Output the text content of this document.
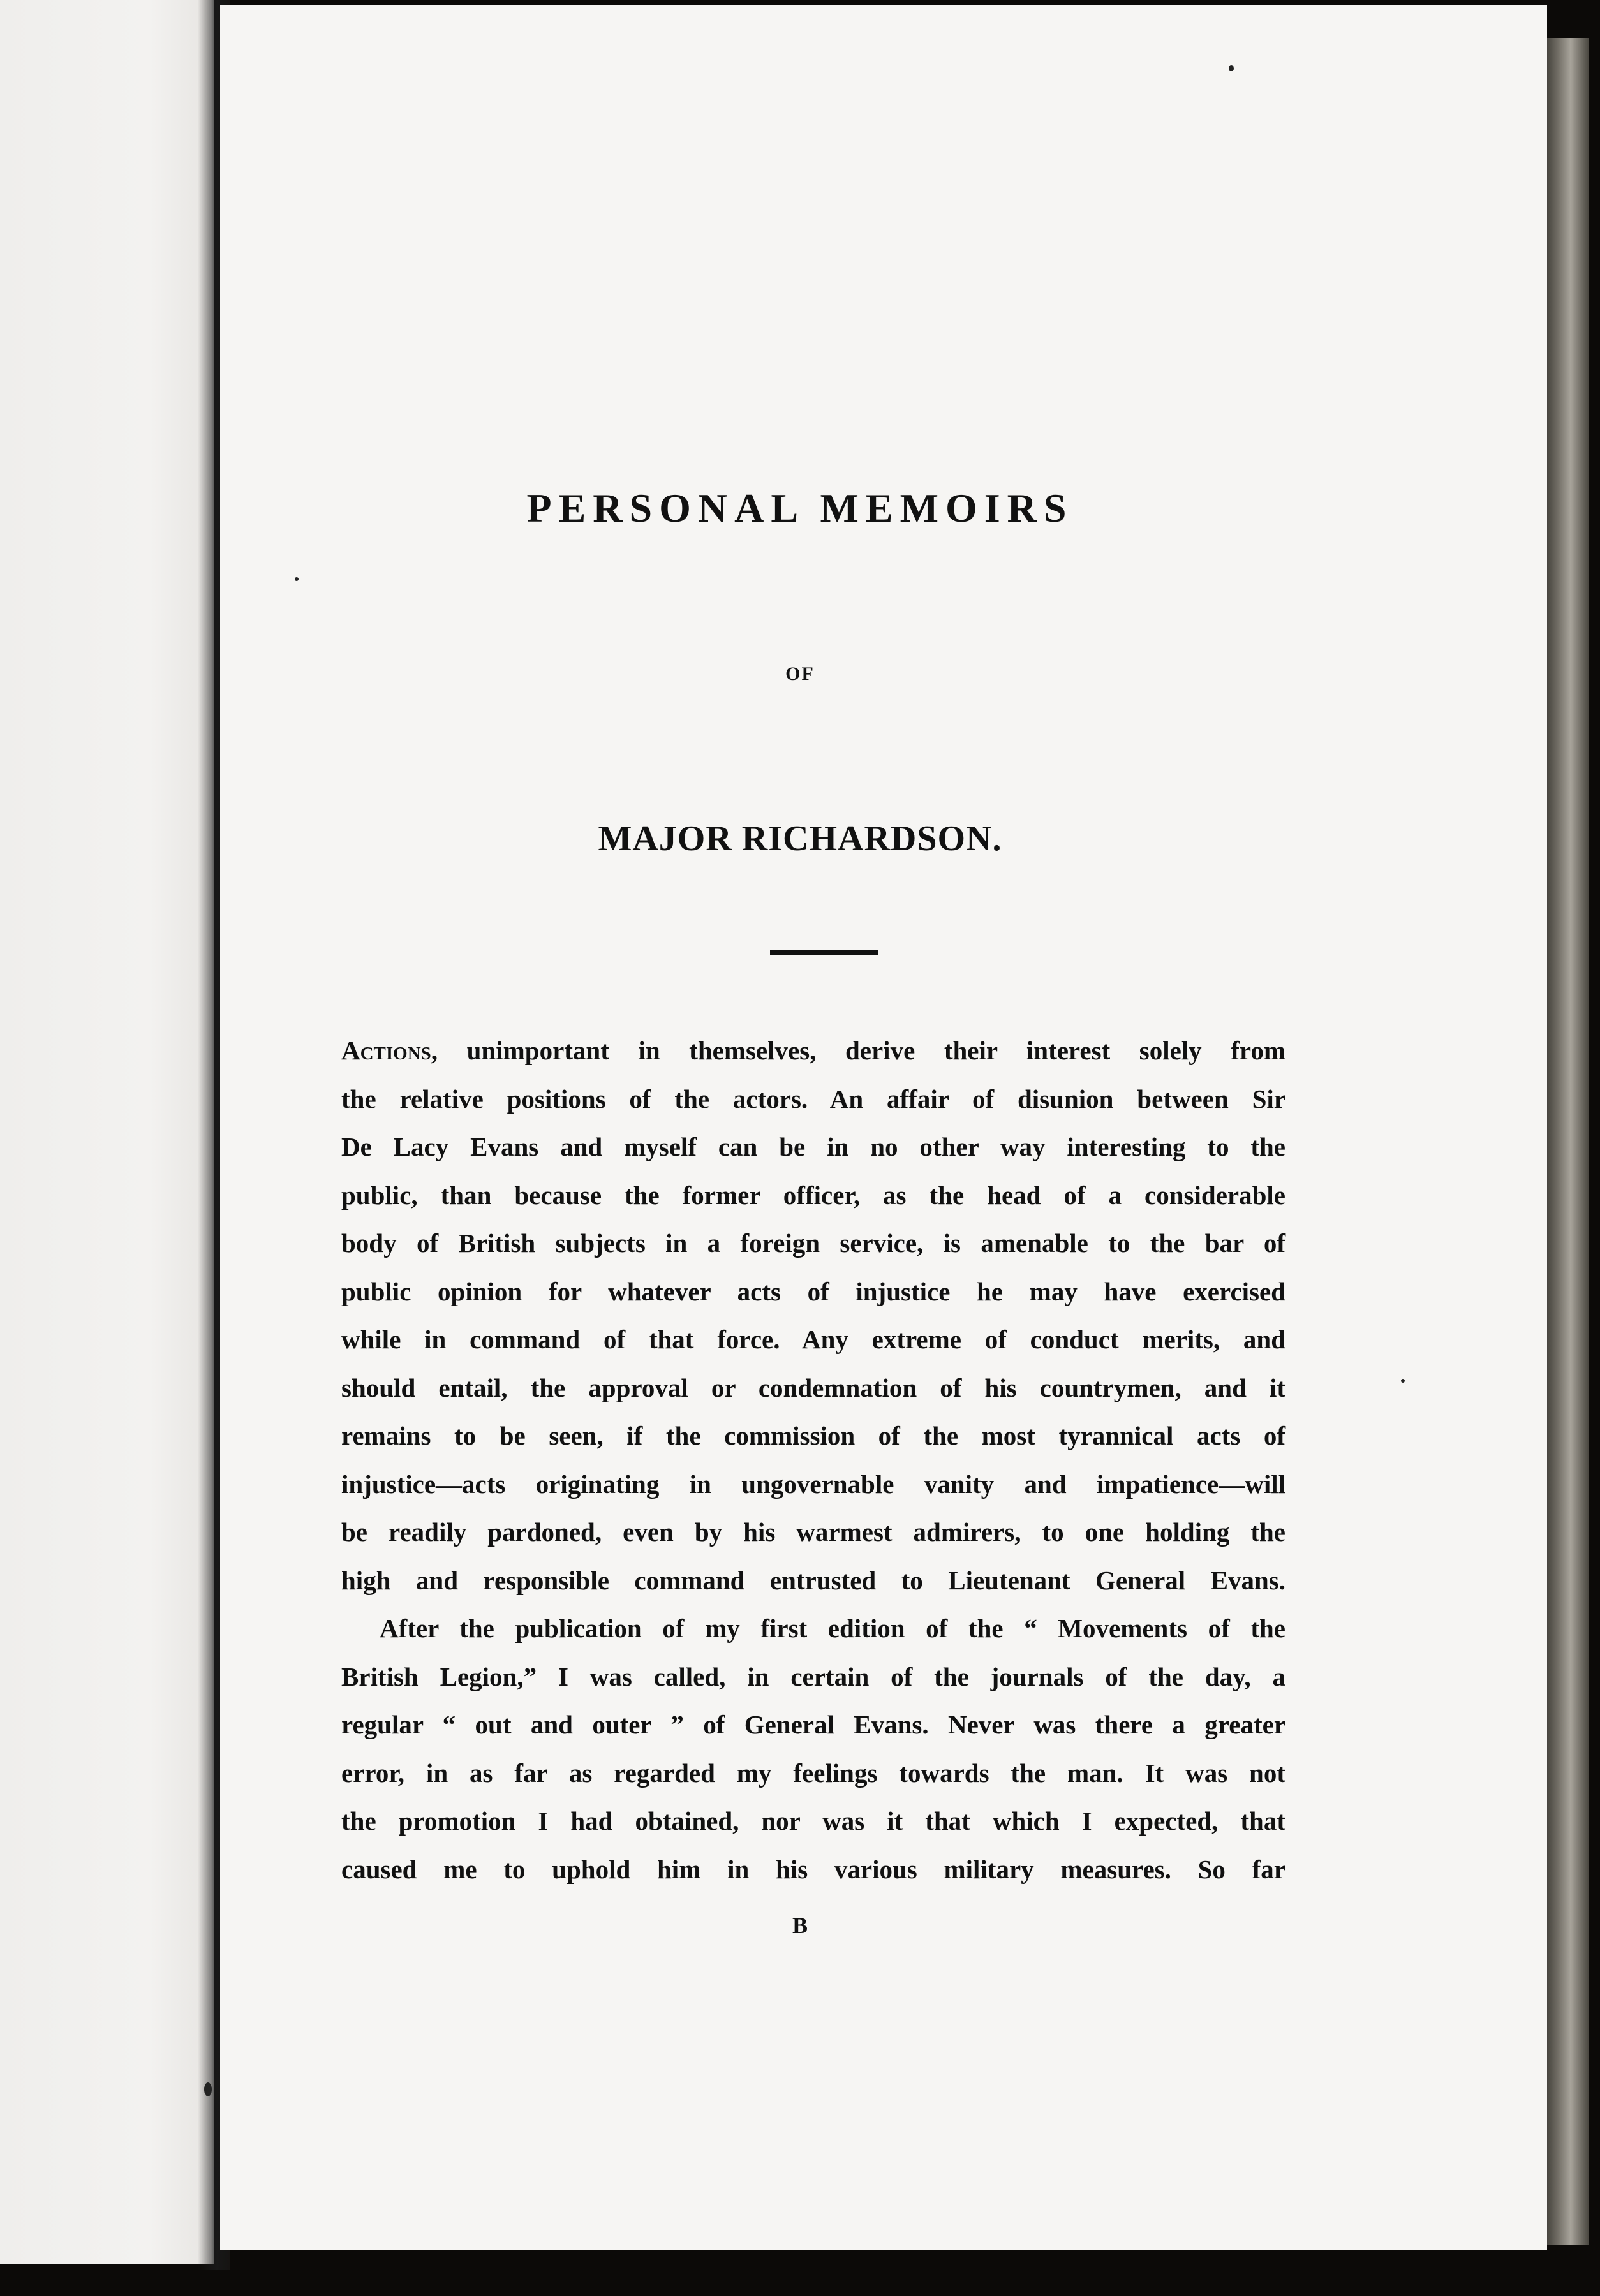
PERSONAL MEMOIRS
OF
MAJOR RICHARDSON.
Actions, unimportant in themselves, derive their interest solely from
the relative positions of the actors. An affair of disunion between Sir
De Lacy Evans and myself can be in no other way interesting to the
public, than because the former officer, as the head of a considerable
body of British subjects in a foreign service, is amenable to the bar of
public opinion for whatever acts of injustice he may have exercised
while in command of that force. Any extreme of conduct merits, and
should entail, the approval or condemnation of his countrymen, and it
remains to be seen, if the commission of the most tyrannical acts of
injustice—acts originating in ungovernable vanity and impatience—will
be readily pardoned, even by his warmest admirers, to one holding the
high and responsible command entrusted to Lieutenant General Evans.
After the publication of my first edition of the “ Movements of the
British Legion,” I was called, in certain of the journals of the day, a
regular “ out and outer ” of General Evans. Never was there a greater
error, in as far as regarded my feelings towards the man. It was not
the promotion I had obtained, nor was it that which I expected, that
caused me to uphold him in his various military measures. So far
B
